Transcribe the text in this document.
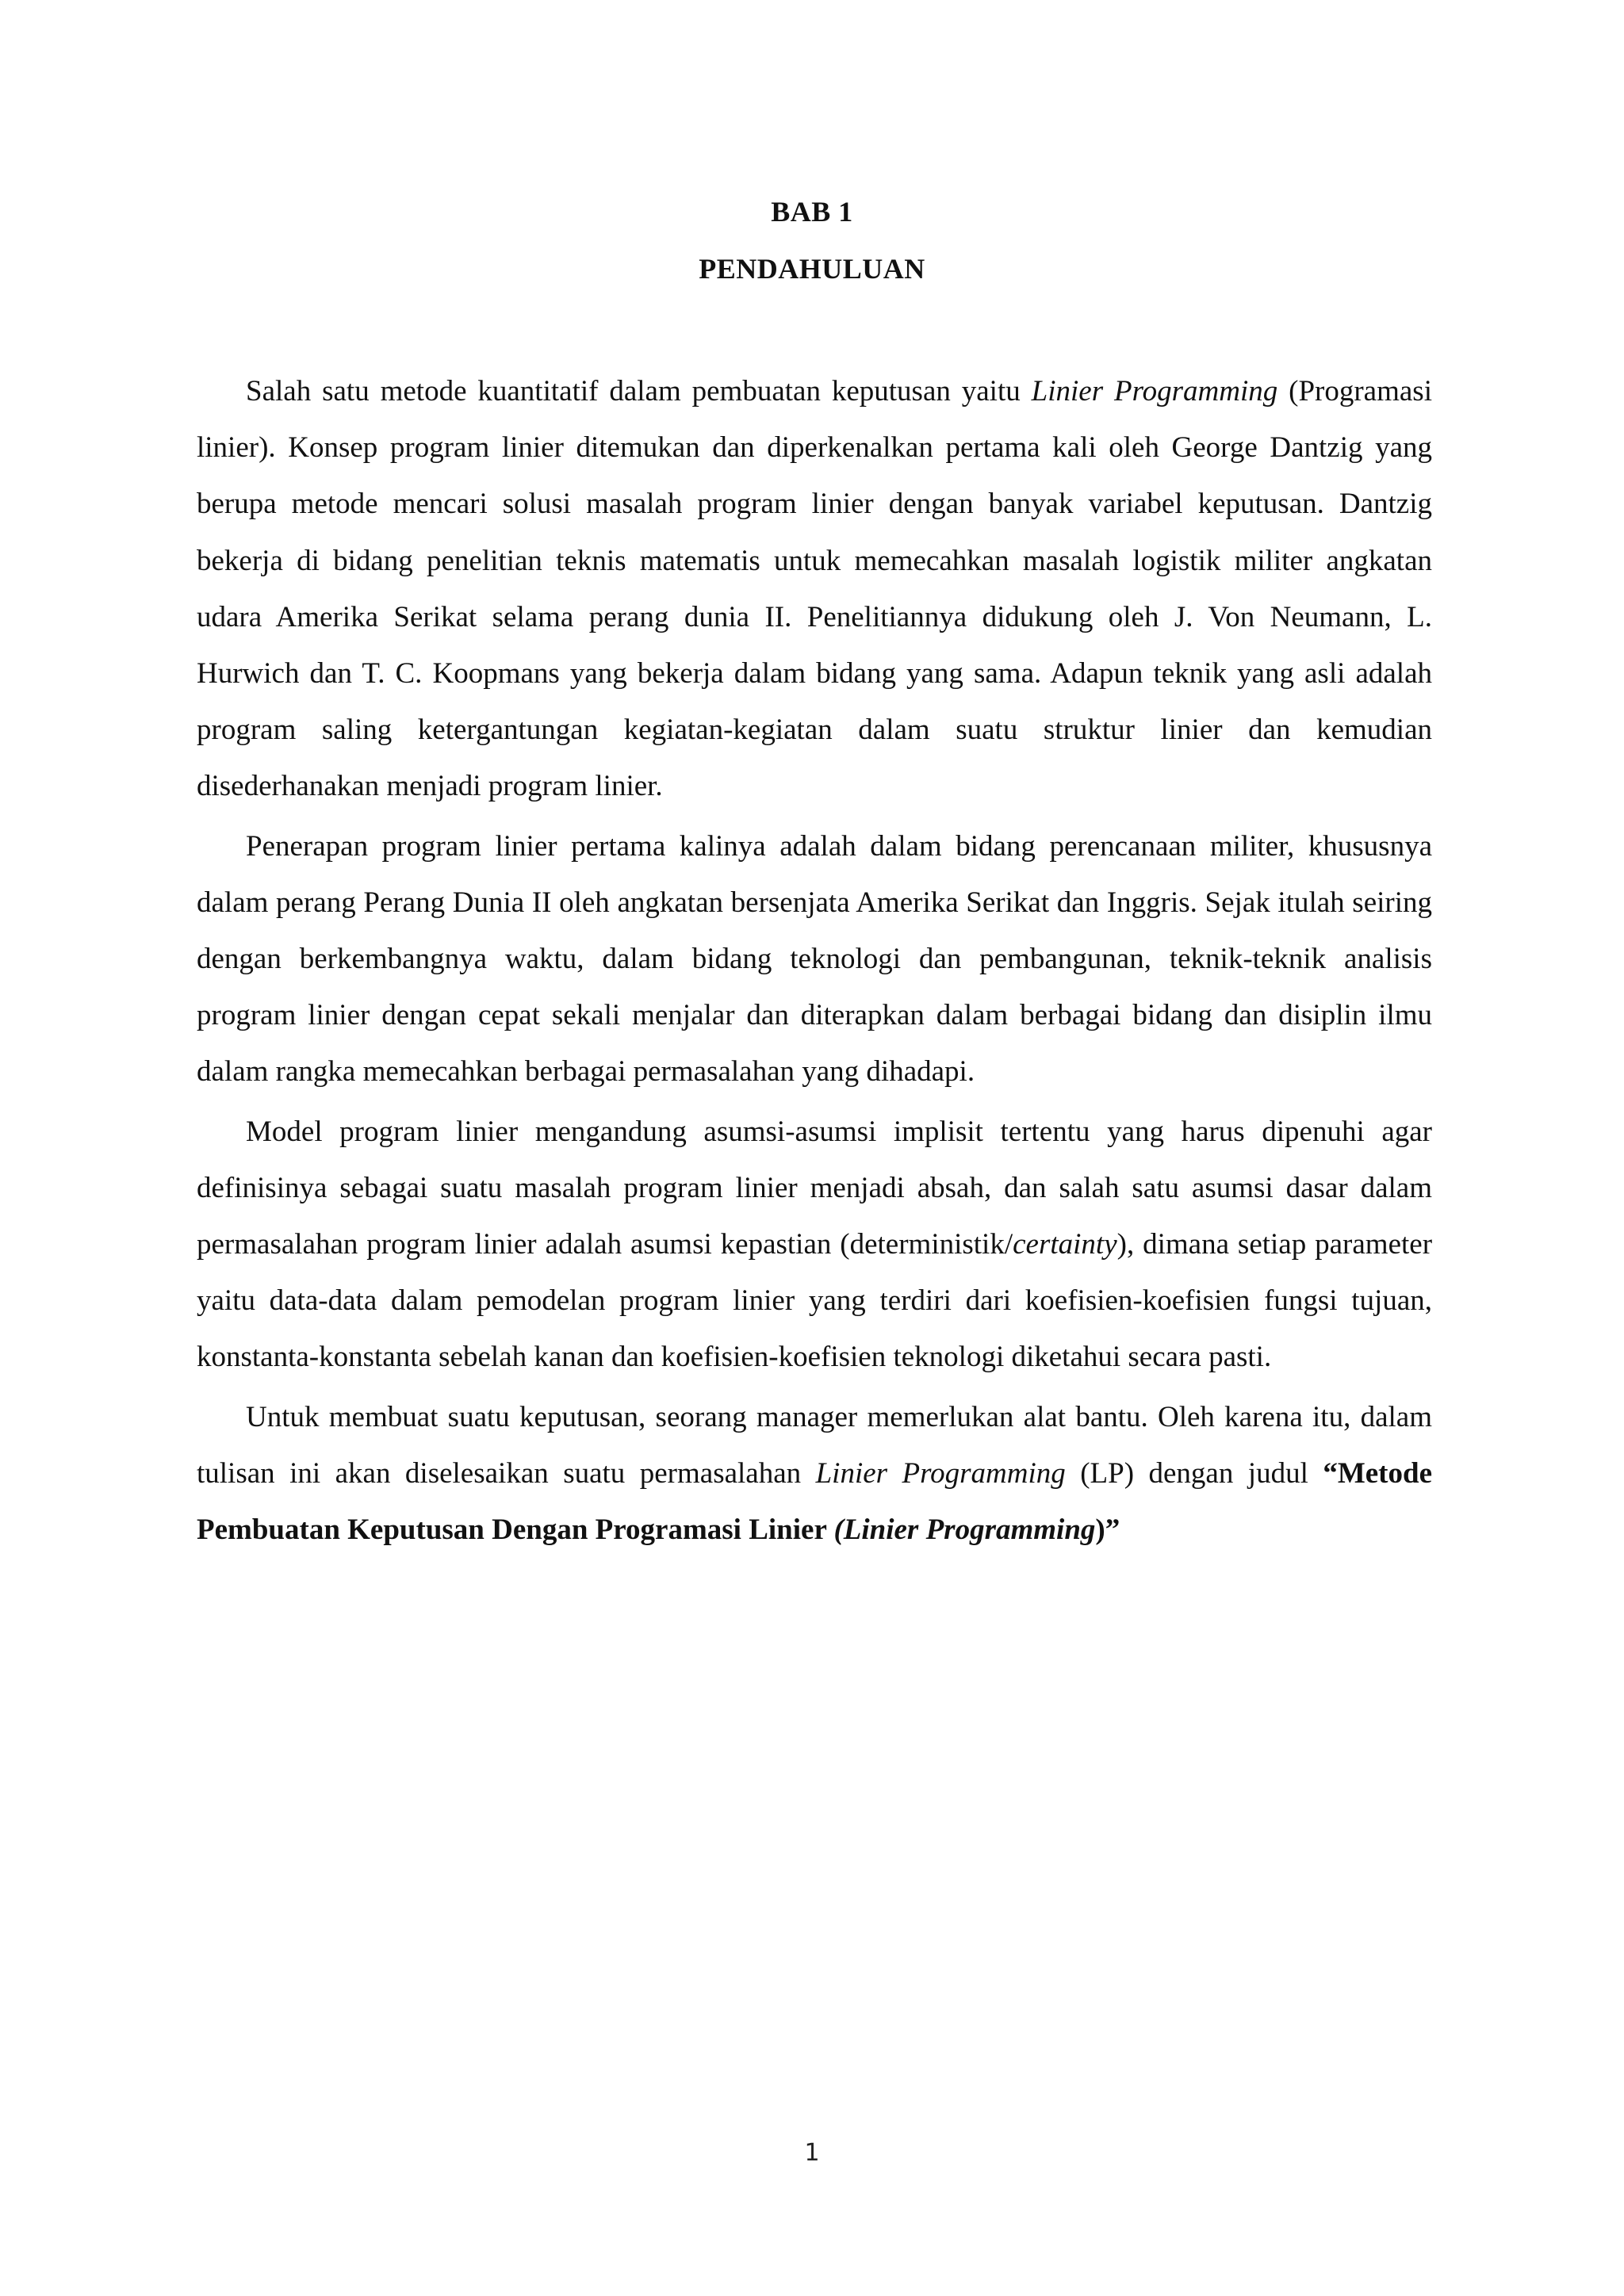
BAB 1
PENDAHULUAN

Salah satu metode kuantitatif dalam pembuatan keputusan yaitu Linier Programming (Programasi linier). Konsep program linier ditemukan dan diperkenalkan pertama kali oleh George Dantzig yang berupa metode mencari solusi masalah program linier dengan banyak variabel keputusan. Dantzig bekerja di bidang penelitian teknis matematis untuk memecahkan masalah logistik militer angkatan udara Amerika Serikat selama perang dunia II. Penelitiannya didukung oleh J. Von Neumann, L. Hurwich dan T. C. Koopmans yang bekerja dalam bidang yang sama. Adapun teknik yang asli adalah program saling ketergantungan kegiatan-kegiatan dalam suatu struktur linier dan kemudian disederhanakan menjadi program linier.

Penerapan program linier pertama kalinya adalah dalam bidang perencanaan militer, khususnya dalam perang Perang Dunia II oleh angkatan bersenjata Amerika Serikat dan Inggris. Sejak itulah seiring dengan berkembangnya waktu, dalam bidang teknologi dan pembangunan, teknik-teknik analisis program linier dengan cepat sekali menjalar dan diterapkan dalam berbagai bidang dan disiplin ilmu dalam rangka memecahkan berbagai permasalahan yang dihadapi.

Model program linier mengandung asumsi-asumsi implisit tertentu yang harus dipenuhi agar definisinya sebagai suatu masalah program linier menjadi absah, dan salah satu asumsi dasar dalam permasalahan program linier adalah asumsi kepastian (deterministik/certainty), dimana setiap parameter yaitu data-data dalam pemodelan program linier yang terdiri dari koefisien-koefisien fungsi tujuan, konstanta-konstanta sebelah kanan dan koefisien-koefisien teknologi diketahui secara pasti.

Untuk membuat suatu keputusan, seorang manager memerlukan alat bantu. Oleh karena itu, dalam tulisan ini akan diselesaikan suatu permasalahan Linier Programming (LP) dengan judul “Metode Pembuatan Keputusan Dengan Programasi Linier (Linier Programming)”

1
